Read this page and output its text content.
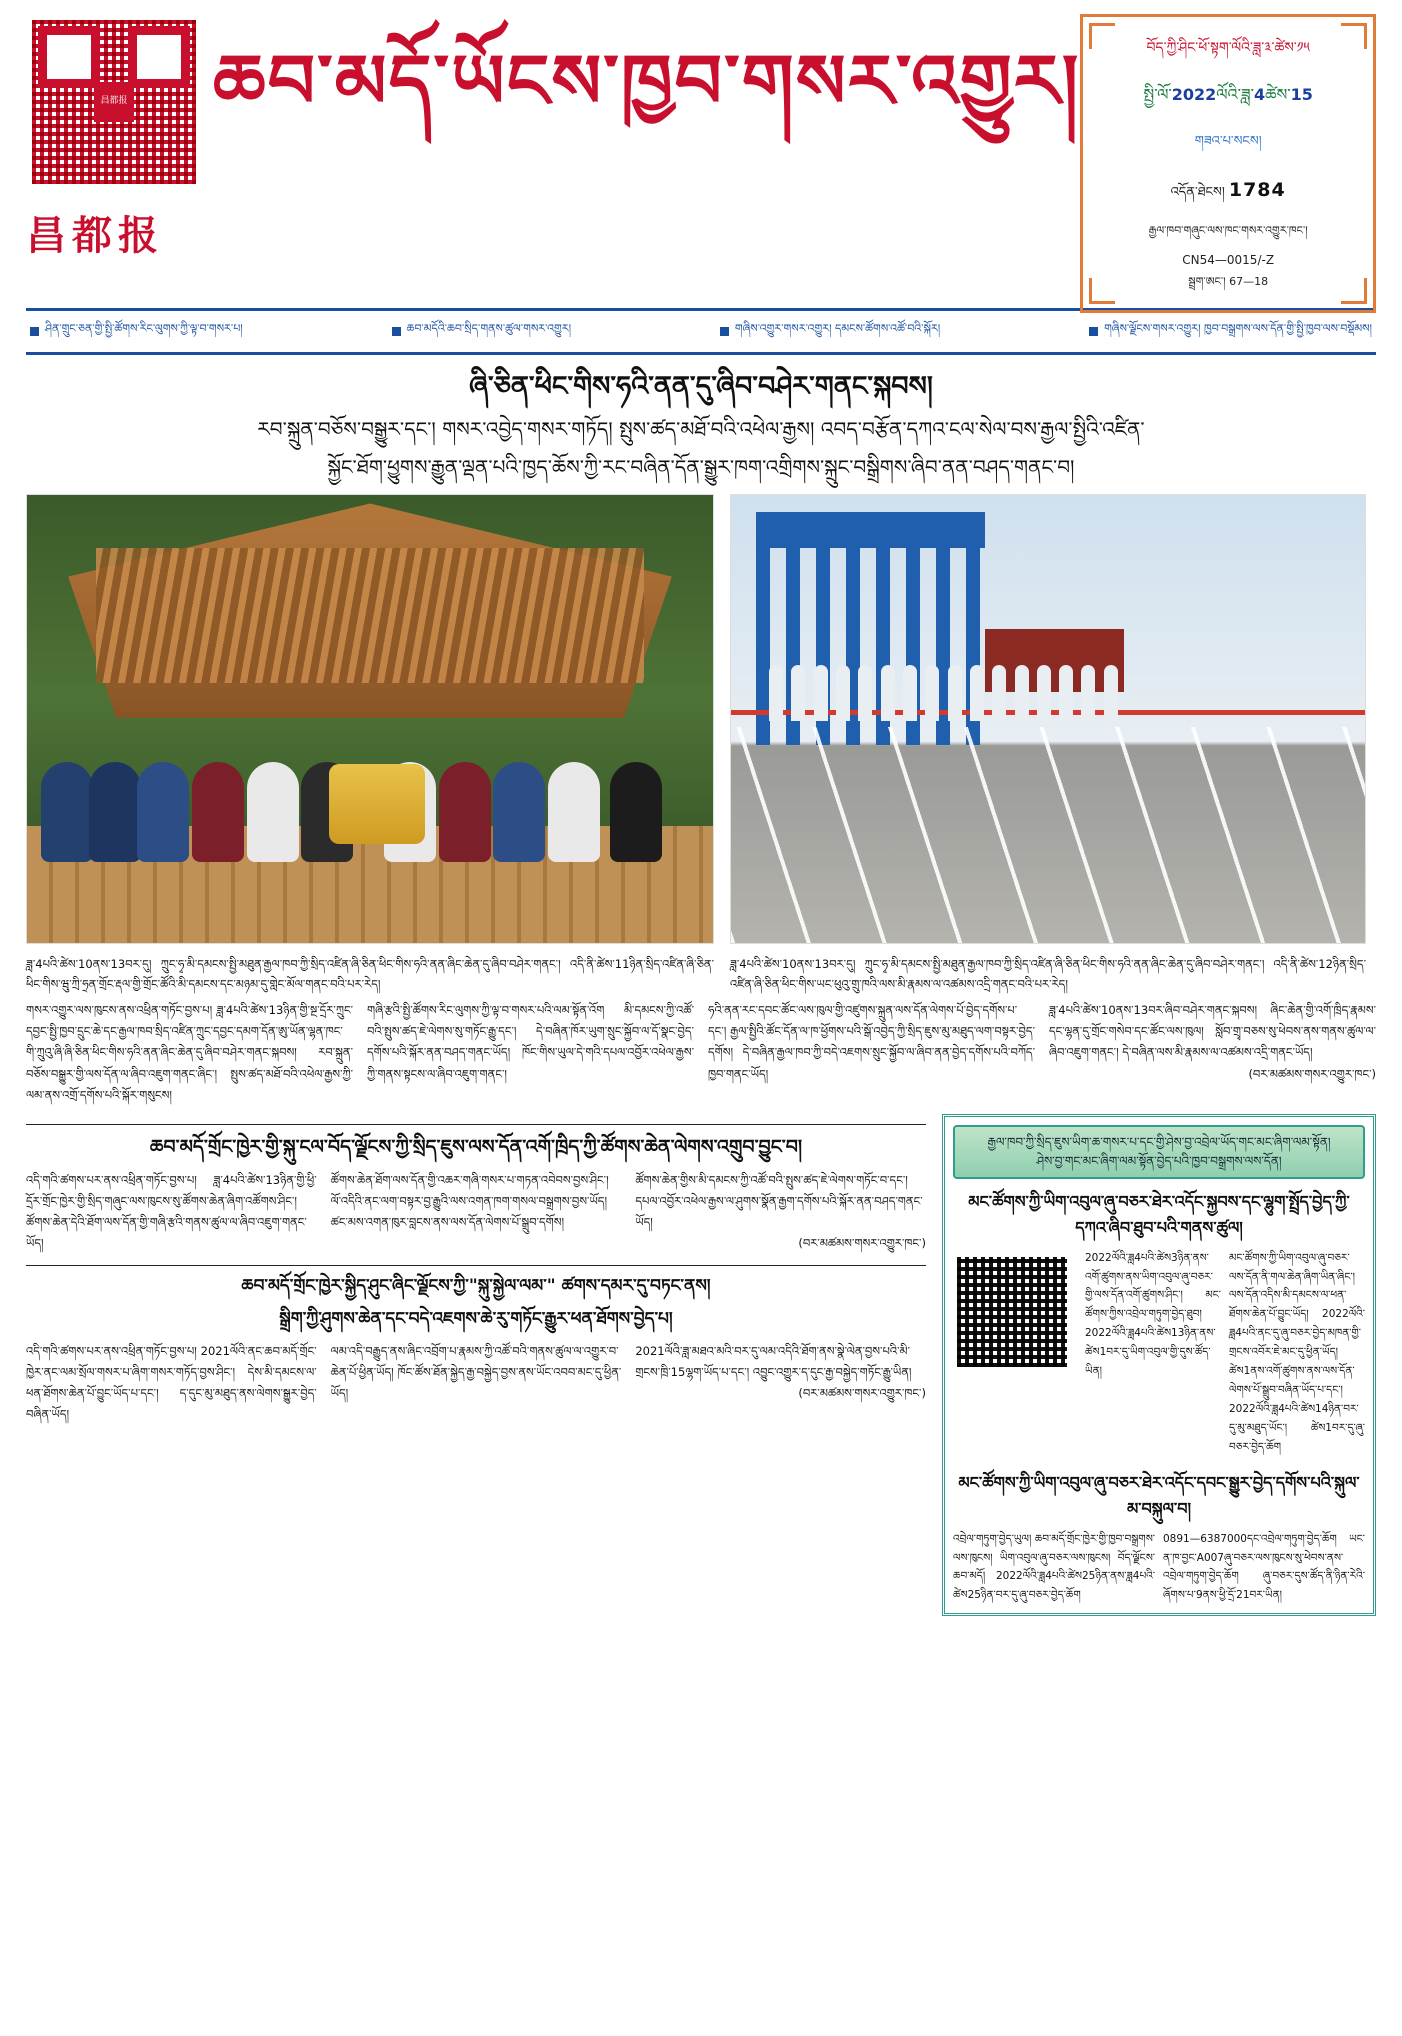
昌都报
昌都报
ཆབ་མདོ་ཡོངས་ཁྱབ་གསར་འགྱུར།	བོད་ཀྱི་ཤིང་ཕོ་སྟག་ལོའི་ཟླ་༣་ཚེས་༡༥
སྤྱི་ལོ་2022ལོའི་ཟླ་4ཚེས་15
གཟའ་པ་སངས།
འདོན་ཐེངས། 1784
རྒྱལ་ཁབ་གཞུང་ལས་ཁང་གསར་འགྱུར་ཁང་།
CN54—0015/-Z
སྦྲག་ཨང་། 67—18
ཤིན་གྲུང་ཅན་གྱི་སྤྱི་ཚོགས་རིང་ལུགས་ཀྱི་ལྟ་བ་གསར་པ།	ཆབ་མདོའི་ཆབ་སྲིད་གནས་ཚུལ་གསར་འགྱུར།	གཞིས་འགྱུར་གསར་འགྱུར། དམངས་ཚོགས་འཚོ་བའི་སྐོར།	གཞིས་ལྗོངས་གསར་འགྱུར། ཁྱབ་བསྒྲགས་ལས་དོན་གྱི་སྤྱི་ཁྱབ་ལས་བསྡོམས།
ཞི་ཅིན་ཕིང་གིས་ཧའི་ནན་དུ་ཞིབ་བཤེར་གནང་སྐབས།
རབ་སྐྲུན་བཅོས་བསྒྱུར་དང་། གསར་འབྱེད་གསར་གཏོད། སྤུས་ཚད་མཐོ་བའི་འཕེལ་རྒྱས། འབད་བརྩོན་དཀའ་ངལ་སེལ་བས་རྒྱལ་སྤྱིའི་འཛིན་
སྐྱོང་ཐོག་ཕྱུགས་རྒྱུན་ལྡན་པའི་ཁྱད་ཆོས་ཀྱི་རང་བཞིན་དོན་སྒྱུར་ཁག་འགྲིགས་སྐྲུང་བསྒྲིགས་ཞིབ་ནན་བཤད་གནང་བ།
ཟླ་4པའི་ཚེས་10ནས་13བར་དུ། ཀྲུང་ཧྭ་མི་དམངས་སྤྱི་མཐུན་རྒྱལ་ཁབ་ཀྱི་སྲིད་འཛིན་ཞི་ཅིན་ཕིང་གིས་ཧའི་ནན་ཞིང་ཆེན་དུ་ཞིབ་བཤེར་གནང་། འདི་ནི་ཚེས་11ཉིན་སྲིད་འཛིན་ཞི་ཅིན་ཕིང་གིས་ཝུ་ཀྲི་ཧྲན་གྲོང་རྡལ་གྱི་གྲོང་ཚོའི་མི་དམངས་དང་མཉམ་དུ་གླེང་མོལ་གནང་བའི་པར་རེད།
ཟླ་4པའི་ཚེས་10ནས་13བར་དུ། ཀྲུང་ཧྭ་མི་དམངས་སྤྱི་མཐུན་རྒྱལ་ཁབ་ཀྱི་སྲིད་འཛིན་ཞི་ཅིན་ཕིང་གིས་ཧའི་ནན་ཞིང་ཆེན་དུ་ཞིབ་བཤེར་གནང་། འདི་ནི་ཚེས་12ཉིན་སྲིད་འཛིན་ཞི་ཅིན་ཕིང་གིས་ཡང་ཕུའུ་གྲུ་ཁའི་ལས་མི་རྣམས་ལ་འཚམས་འདྲི་གནང་བའི་པར་རེད།
གསར་འགྱུར་ལས་ཁུངས་ནས་འཕྲིན་གཏོང་བྱས་པ། ཟླ་4པའི་ཚེས་13ཉིན་གྱི་སྔ་དྲོར་ཀྲུང་དབྱང་སྤྱི་ཁྱབ་དྲུང་ཆེ་དང་རྒྱལ་ཁབ་སྲིད་འཛིན་ཀྲུང་དབྱང་དམག་དོན་ཨུ་ཡོན་ལྷན་ཁང་གི་ཀྲུའུ་ཞི་ཞི་ཅིན་ཕིང་གིས་ཧའི་ནན་ཞིང་ཆེན་དུ་ཞིབ་བཤེར་གནང་སྐབས། རབ་སྐྲུན་བཅོས་བསྒྱུར་གྱི་ལས་དོན་ལ་ཞིབ་འཇུག་གནང་ཞིང་། སྤུས་ཚད་མཐོ་བའི་འཕེལ་རྒྱས་ཀྱི་ལམ་ནས་འགྲོ་དགོས་པའི་སྐོར་གསུངས།
གཞི་རྩའི་སྤྱི་ཚོགས་རིང་ལུགས་ཀྱི་ལྟ་བ་གསར་པའི་ལམ་སྟོན་འོག མི་དམངས་ཀྱི་འཚོ་བའི་སྤུས་ཚད་ཇེ་ལེགས་སུ་གཏོང་རྒྱུ་དང་། དེ་བཞིན་ཁོར་ཡུག་སྲུང་སྐྱོབ་ལ་དོ་སྣང་བྱེད་དགོས་པའི་སྐོར་ནན་བཤད་གནང་ཡོད། ཁོང་གིས་ཡུལ་དེ་གའི་དཔལ་འབྱོར་འཕེལ་རྒྱས་ཀྱི་གནས་སྟངས་ལ་ཞིབ་འཇུག་གནང་།
ཧའི་ནན་རང་དབང་ཚོང་ལས་ཁུལ་གྱི་འཛུགས་སྐྲུན་ལས་དོན་ལེགས་པོ་བྱེད་དགོས་པ་དང་། རྒྱལ་སྤྱིའི་ཚོང་དོན་ལ་ཁ་ཕྱོགས་པའི་སྒོ་འབྱེད་ཀྱི་སྲིད་ཇུས་མུ་མཐུད་ལག་བསྟར་བྱེད་དགོས། དེ་བཞིན་རྒྱལ་ཁབ་ཀྱི་བདེ་འཇགས་སྲུང་སྐྱོབ་ལ་ཞིབ་ནན་བྱེད་དགོས་པའི་བཀོད་ཁྱབ་གནང་ཡོད།
ཟླ་4པའི་ཚེས་10ནས་13བར་ཞིབ་བཤེར་གནང་སྐབས། ཞིང་ཆེན་གྱི་འགོ་ཁྲིད་རྣམས་དང་ལྷན་དུ་གྲོང་གསེབ་དང་ཚོང་ལས་ཁུལ། སློབ་གྲྭ་བཅས་སུ་ཕེབས་ནས་གནས་ཚུལ་ལ་ཞིབ་འཇུག་གནང་། དེ་བཞིན་ལས་མི་རྣམས་ལ་འཚམས་འདྲི་གནང་ཡོད།
(བར་མཚམས་གསར་འགྱུར་ཁང་)
ཆབ་མདོ་གྲོང་ཁྱེར་གྱི་སྐུ་ངལ་བོད་ལྗོངས་ཀྱི་སྲིད་ཇུས་ལས་དོན་འགོ་ཁྲིད་ཀྱི་ཚོགས་ཆེན་ལེགས་འགྲུབ་བྱུང་བ།
འདི་གའི་ཚགས་པར་ནས་འཕྲིན་གཏོང་བྱས་པ། ཟླ་4པའི་ཚེས་13ཉིན་གྱི་ཕྱི་དྲོར་གྲོང་ཁྱེར་གྱི་སྲིད་གཞུང་ལས་ཁུངས་སུ་ཚོགས་ཆེན་ཞིག་འཚོགས་ཤིང་། ཚོགས་ཆེན་དེའི་ཐོག་ལས་དོན་གྱི་གཞི་རྩའི་གནས་ཚུལ་ལ་ཞིབ་འཇུག་གནང་ཡོད།
ཚོགས་ཆེན་ཐོག་ལས་དོན་གྱི་འཆར་གཞི་གསར་པ་གཏན་འབེབས་བྱས་ཤིང་། ལོ་འདིའི་ནང་ལག་བསྟར་བྱ་རྒྱུའི་ལས་འགན་ཁག་གསལ་བསྒྲགས་བྱས་ཡོད། ཚང་མས་འགན་ཁུར་བླངས་ནས་ལས་དོན་ལེགས་པོ་སྒྲུབ་དགོས།
ཚོགས་ཆེན་གྱིས་མི་དམངས་ཀྱི་འཚོ་བའི་སྤུས་ཚད་ཇེ་ལེགས་གཏོང་བ་དང་། དཔལ་འབྱོར་འཕེལ་རྒྱས་ལ་ཤུགས་སྣོན་རྒྱག་དགོས་པའི་སྐོར་ནན་བཤད་གནང་ཡོད།
(བར་མཚམས་གསར་འགྱུར་ཁང་)
ཆབ་མདོ་གྲོང་ཁྱེར་སྐྱིད་ཤུང་ཞིང་ལྗོངས་ཀྱི་"སྐུ་སྐྱེལ་ལམ་" ཚགས་དམར་དུ་བཏང་ནས།
སྒྲིག་ཀྱི་ཤུགས་ཆེན་དང་བདེ་འཇགས་ཆེ་རུ་གཏོང་རྒྱུར་ཕན་ཐོགས་བྱེད་པ།
འདི་གའི་ཚགས་པར་ནས་འཕྲིན་གཏོང་བྱས་པ། 2021ལོའི་ནང་ཆབ་མདོ་གྲོང་ཁྱེར་ནང་ལམ་སྲོལ་གསར་པ་ཞིག་གསར་གཏོད་བྱས་ཤིང་། དེས་མི་དམངས་ལ་ཕན་ཐོགས་ཆེན་པོ་བྱུང་ཡོད་པ་དང་། ད་དུང་མུ་མཐུད་ནས་ལེགས་སྒྱུར་བྱེད་བཞིན་ཡོད།
ལམ་འདི་བརྒྱུད་ནས་ཞིང་འབྲོག་པ་རྣམས་ཀྱི་འཚོ་བའི་གནས་ཚུལ་ལ་འགྱུར་བ་ཆེན་པོ་ཕྱིན་ཡོད། ཁོང་ཚོས་ཐོན་སྐྱེད་རྒྱ་བསྐྱེད་བྱས་ནས་ཡོང་འབབ་མང་དུ་ཕྱིན་ཡོད།
2021ལོའི་ཟླ་མཐའ་མའི་བར་དུ་ལམ་འདིའི་ཐོག་ནས་སྣེ་ལེན་བྱས་པའི་མི་གྲངས་ཁྲི་15ལྷག་ཡོད་པ་དང་། འབྱུང་འགྱུར་ད་དུང་རྒྱ་བསྐྱེད་གཏོང་རྒྱུ་ཡིན།
(བར་མཚམས་གསར་འགྱུར་ཁང་)
རྒྱལ་ཁབ་ཀྱི་སྲིད་ཇུས་ཡིག་ཆ་གསར་པ་དང་གྱི་ཤེས་བྱ་འབྲེལ་ཡོད་གང་མང་ཞིག་ལམ་སྟོན།
ཤེས་བྱ་གང་མང་ཞིག་ལམ་སྟོན་བྱེད་པའི་ཁྱབ་བསྒྲགས་ལས་དོན།
མང་ཚོགས་ཀྱི་ཡིག་འབུལ་ཞུ་བཅར་ཐེར་འདོང་སྐྱབས་དང་ལྷུག་སྤྲོད་བྱེད་ཀྱི་དཀའ་ཞིབ་ཐུབ་པའི་གནས་ཚུལ།
2022ལོའི་ཟླ4པའི་ཚེས3ཉིན་ནས་འགོ་ཚུགས་ནས་ཡིག་འབུལ་ཞུ་བཅར་གྱི་ལས་དོན་འགོ་ཚུགས་ཤིང་། མང་ཚོགས་ཀྱིས་འབྲེལ་གཏུག་བྱེད་ཐུབ། 2022ལོའི་ཟླ4པའི་ཚེས13ཉིན་ནས་ཚེས1བར་དུ་ཡིག་འབུལ་གྱི་དུས་ཚོད་ཡིན།
མང་ཚོགས་ཀྱི་ཡིག་འབུལ་ཞུ་བཅར་ལས་དོན་ནི་གལ་ཆེན་ཞིག་ཡིན་ཞིང་། ལས་དོན་འདིས་མི་དམངས་ལ་ཕན་ཐོགས་ཆེན་པོ་བྱུང་ཡོད། 2022ལོའི་ཟླ4པའི་ནང་དུ་ཞུ་བཅར་བྱེད་མཁན་གྱི་གྲངས་འབོར་ཇེ་མང་དུ་ཕྱིན་ཡོད། ཚེས1ནས་འགོ་ཚུགས་ནས་ལས་དོན་ལེགས་པོ་སྒྲུབ་བཞིན་ཡོད་པ་དང་། 2022ལོའི་ཟླ4པའི་ཚེས14ཉིན་བར་དུ་མུ་མཐུད་ཡོང་། ཚེས1བར་དུ་ཞུ་བཅར་བྱེད་ཆོག
མང་ཚོགས་ཀྱི་ཡིག་འབུལ་ཞུ་བཅར་ཐེར་འདོང་དབང་སྒྱུར་བྱེད་དགོས་པའི་སྐུལ་མ་བསྐུལ་བ།
འབྲེལ་གཏུག་བྱེད་ཡུལ། ཆབ་མདོ་གྲོང་ཁྱེར་གྱི་ཁྱབ་བསྒྲགས་ལས་ཁུངས། ཡིག་འབུལ་ཞུ་བཅར་ལས་ཁུངས། བོད་ལྗོངས་ཆབ་མདོ། 2022ལོའི་ཟླ4པའི་ཚེས25ཉིན་ནས་ཟླ4པའི་ཚེས25ཉིན་བར་དུ་ཞུ་བཅར་བྱེད་ཆོག
0891—6387000དང་འབྲེལ་གཏུག་བྱེད་ཆོག ཡང་ན་ཁ་བྱང་A007ཞུ་བཅར་ལས་ཁུངས་སུ་ཕེབས་ནས་འབྲེལ་གཏུག་བྱེད་ཆོག ཞུ་བཅར་དུས་ཚོད་ནི་ཉིན་རེའི་ཞོགས་པ་9ནས་ཕྱི་དྲོ་21བར་ཡིན།
